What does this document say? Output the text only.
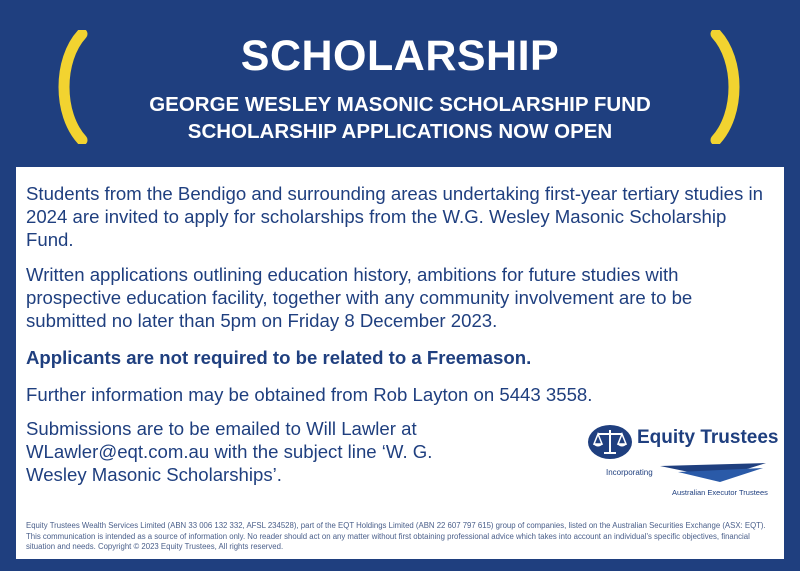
SCHOLARSHIP
GEORGE WESLEY MASONIC SCHOLARSHIP FUND
SCHOLARSHIP APPLICATIONS NOW OPEN

Students from the Bendigo and surrounding areas undertaking first-year tertiary studies in 2024 are invited to apply for scholarships from the W.G. Wesley Masonic Scholarship Fund.

Written applications outlining education history, ambitions for future studies with prospective education facility, together with any community involvement are to be submitted no later than 5pm on Friday 8 December 2023.

Applicants are not required to be related to a Freemason.

Further information may be obtained from Rob Layton on 5443 3558.

Submissions are to be emailed to Will Lawler at WLawler@eqt.com.au with the subject line ‘W. G. Wesley Masonic Scholarships’.

Equity Trustees
Incorporating
Australian Executor Trustees

Equity Trustees Wealth Services Limited (ABN 33 006 132 332, AFSL 234528), part of the EQT Holdings Limited (ABN 22 607 797 615) group of companies, listed on the Australian Securities Exchange (ASX: EQT). This communication is intended as a source of information only. No reader should act on any matter without first obtaining professional advice which takes into account an individual's specific objectives, financial situation and needs. Copyright © 2023 Equity Trustees, All rights reserved.
